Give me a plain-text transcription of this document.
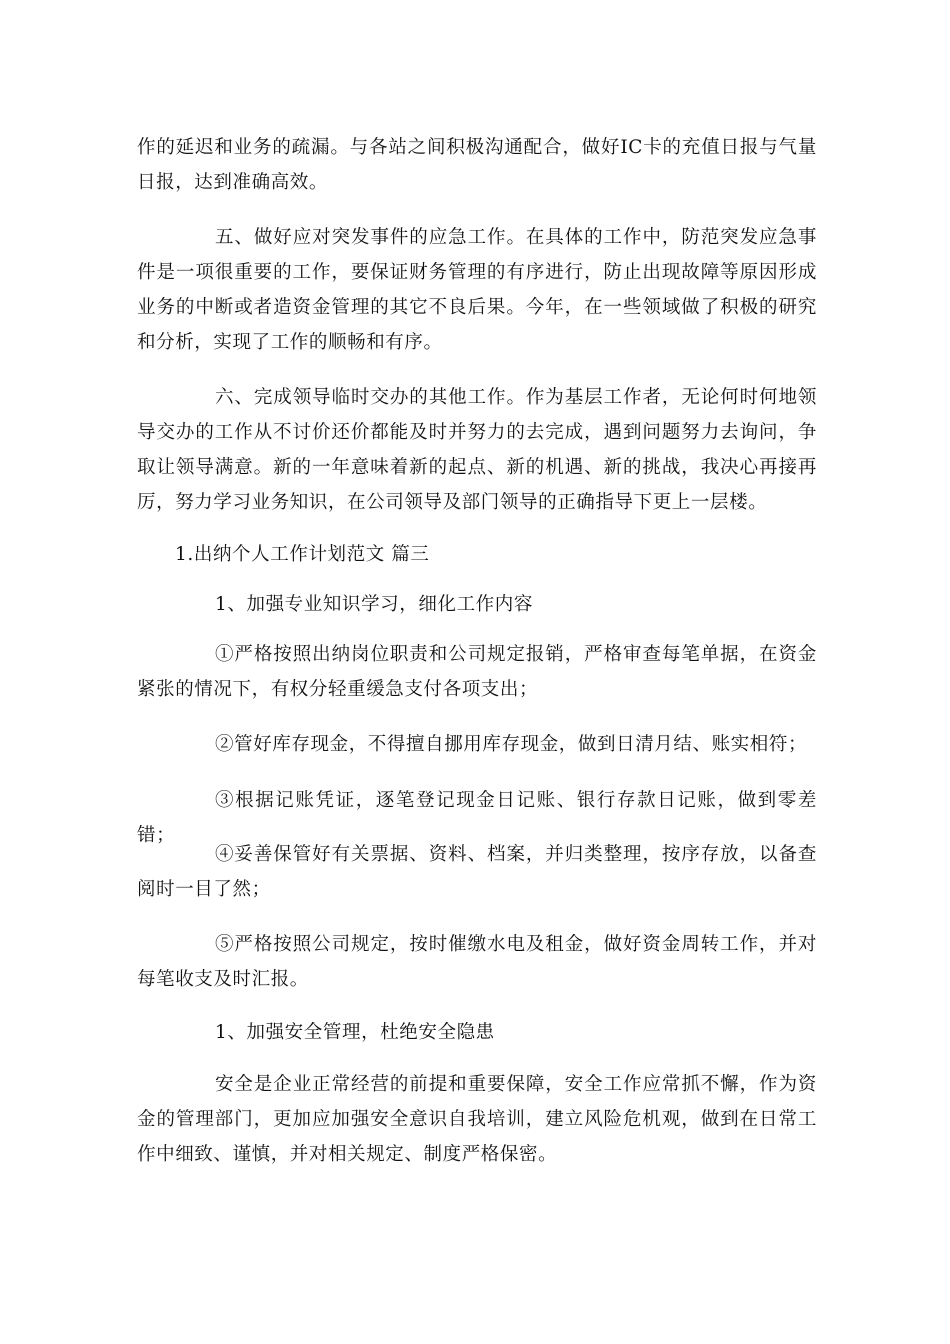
作的延迟和业务的疏漏。与各站之间积极沟通配合，做好IC卡的充值日报与气量日报，达到准确高效。

五、做好应对突发事件的应急工作。在具体的工作中，防范突发应急事件是一项很重要的工作，要保证财务管理的有序进行，防止出现故障等原因形成业务的中断或者造资金管理的其它不良后果。今年，在一些领域做了积极的研究和分析，实现了工作的顺畅和有序。

六、完成领导临时交办的其他工作。作为基层工作者，无论何时何地领导交办的工作从不讨价还价都能及时并努力的去完成，遇到问题努力去询问，争取让领导满意。新的一年意味着新的起点、新的机遇、新的挑战，我决心再接再厉，努力学习业务知识，在公司领导及部门领导的正确指导下更上一层楼。

1.出纳个人工作计划范文 篇三

1、加强专业知识学习，细化工作内容

①严格按照出纳岗位职责和公司规定报销，严格审查每笔单据，在资金紧张的情况下，有权分轻重缓急支付各项支出；

②管好库存现金，不得擅自挪用库存现金，做到日清月结、账实相符；

③根据记账凭证，逐笔登记现金日记账、银行存款日记账，做到零差错；

④妥善保管好有关票据、资料、档案，并归类整理，按序存放，以备查阅时一目了然；

⑤严格按照公司规定，按时催缴水电及租金，做好资金周转工作，并对每笔收支及时汇报。

1、加强安全管理，杜绝安全隐患

安全是企业正常经营的前提和重要保障，安全工作应常抓不懈，作为资金的管理部门，更加应加强安全意识自我培训，建立风险危机观，做到在日常工作中细致、谨慎，并对相关规定、制度严格保密。
